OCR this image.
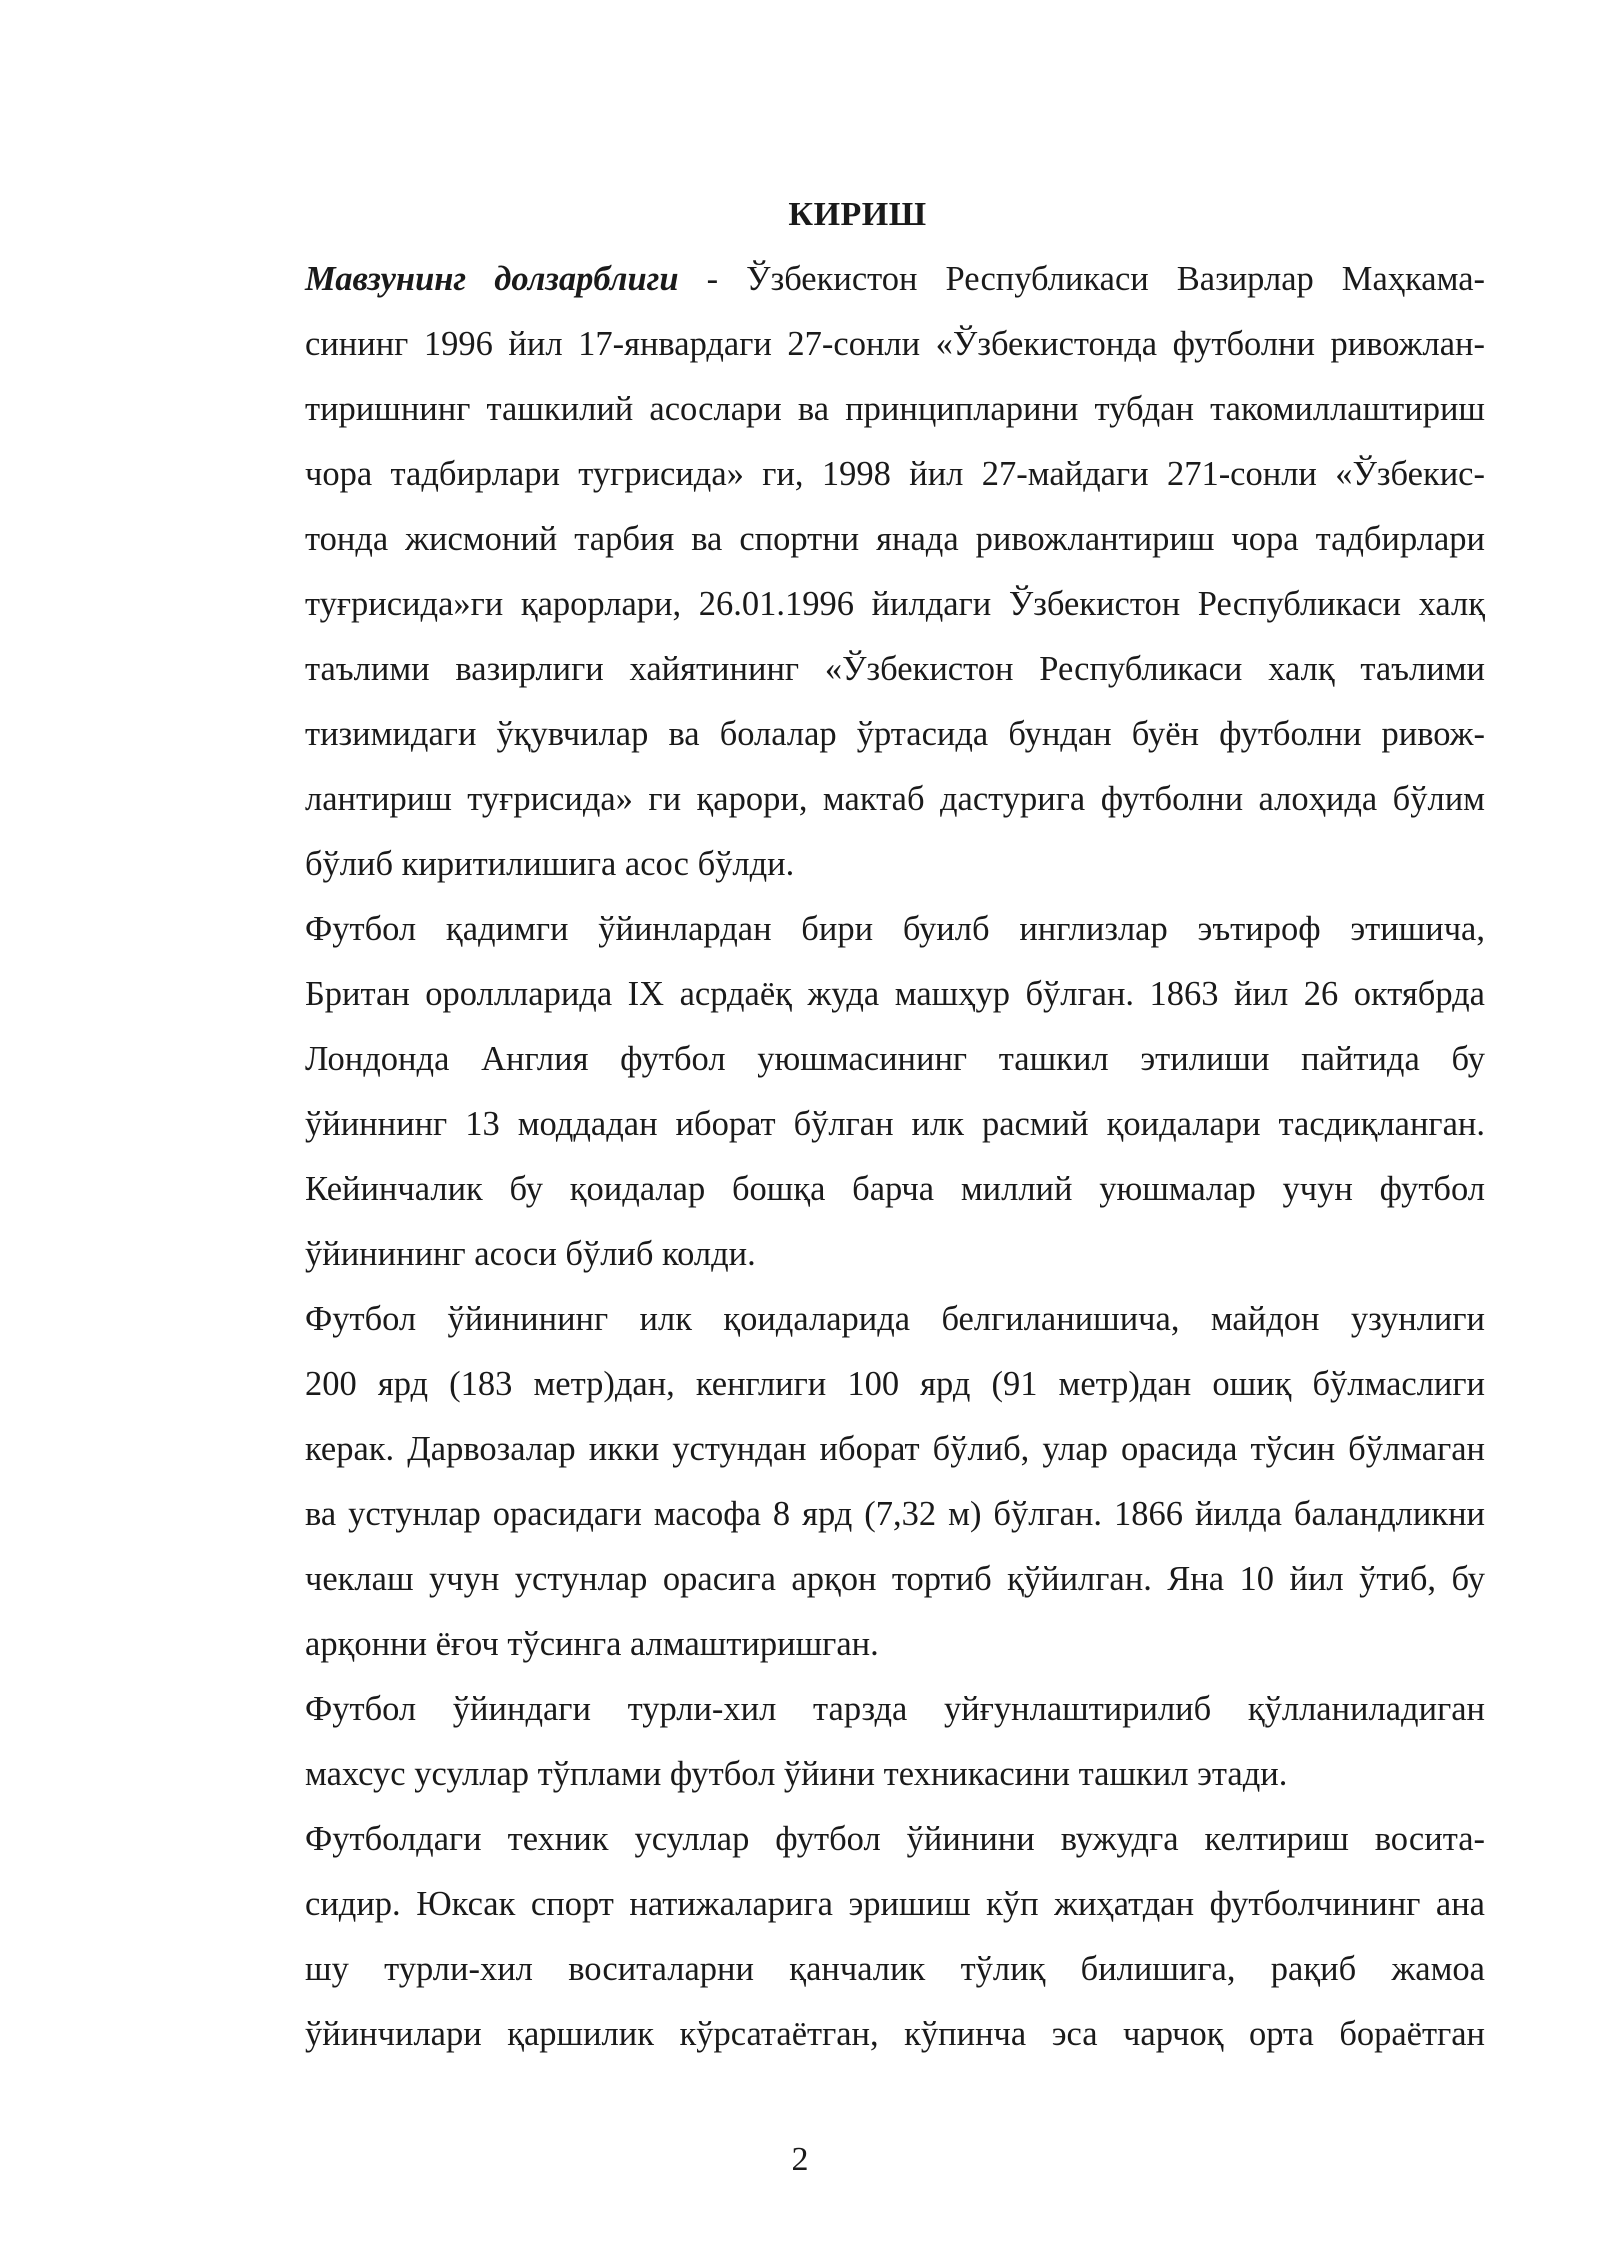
КИРИШ

Мавзунинг долзарблиги - Ўзбекистон Республикаси Вазирлар Маҳкама-
сининг 1996 йил 17-январдаги 27-сонли «Ўзбекистонда футболни ривожлан-
тиришнинг ташкилий асослари ва принципларини тубдан такомиллаштириш
чора тадбирлари тугрисида» ги, 1998 йил 27-майдаги 271-сонли «Ўзбекис-
тонда жисмоний тарбия ва спортни янада ривожлантириш чора тадбирлари
туғрисида»ги қарорлари, 26.01.1996 йилдаги Ўзбекистон Республикаси халқ
таълими вазирлиги хайятининг «Ўзбекистон Республикаси халқ таълими
тизимидаги ўқувчилар ва болалар ўртасида бундан буён футболни ривож-
лантириш туғрисида» ги қарори, мактаб дастурига футболни алоҳида бўлим
бўлиб киритилишига асос бўлди.

Футбол қадимги ўйинлардан бири буилб инглизлар эътироф этишича,
Британ ороллларида IX асрдаёқ жуда машҳур бўлган. 1863 йил 26 октябрда
Лондонда Англия футбол уюшмасининг ташкил этилиши пайтида бу
ўйиннинг 13 моддадан иборат бўлган илк расмий қоидалари тасдиқланган.
Кейинчалик бу қоидалар бошқа барча миллий уюшмалар учун футбол
ўйинининг асоси бўлиб колди.

Футбол ўйинининг илк қоидаларида белгиланишича, майдон узунлиги
200 ярд (183 метр)дан, кенглиги 100 ярд (91 метр)дан ошиқ бўлмаслиги
керак. Дарвозалар икки устундан иборат бўлиб, улар орасида тўсин бўлмаган
ва устунлар орасидаги масофа 8 ярд (7,32 м) бўлган. 1866 йилда баландликни
чеклаш учун устунлар орасига арқон тортиб қўйилган. Яна 10 йил ўтиб, бу
арқонни ёғоч тўсинга алмаштиришган.

Футбол ўйиндаги турли-хил тарзда уйғунлаштирилиб қўлланиладиган
махсус усуллар тўплами футбол ўйини техникасини ташкил этади.

Футболдаги техник усуллар футбол ўйинини вужудга келтириш восита-
сидир. Юксак спорт натижаларига эришиш кўп жиҳатдан футболчининг ана
шу турли-хил воситаларни қанчалик тўлиқ билишига, рақиб жамоа
ўйинчилари қаршилик кўрсатаётган, кўпинча эса чарчоқ орта бораётган

2
